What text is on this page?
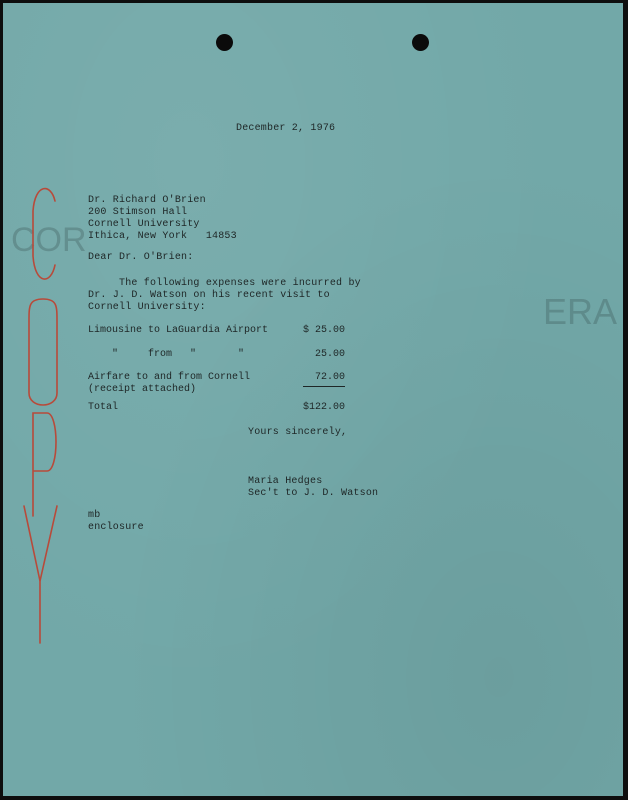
COR
ERA
December 2, 1976
Dr. Richard O'Brien
200 Stimson Hall
Cornell University
Ithica, New York   14853
Dear Dr. O'Brien:
The following expenses were incurred by
Dr. J. D. Watson on his recent visit to
Cornell University:
Limousine to LaGuardia Airport	$ 25.00
"     from   "       "	25.00
Airfare to and from Cornell	72.00
(receipt attached)
Total	$122.00
Yours sincerely,
Maria Hedges
Sec't to J. D. Watson
mb
enclosure
